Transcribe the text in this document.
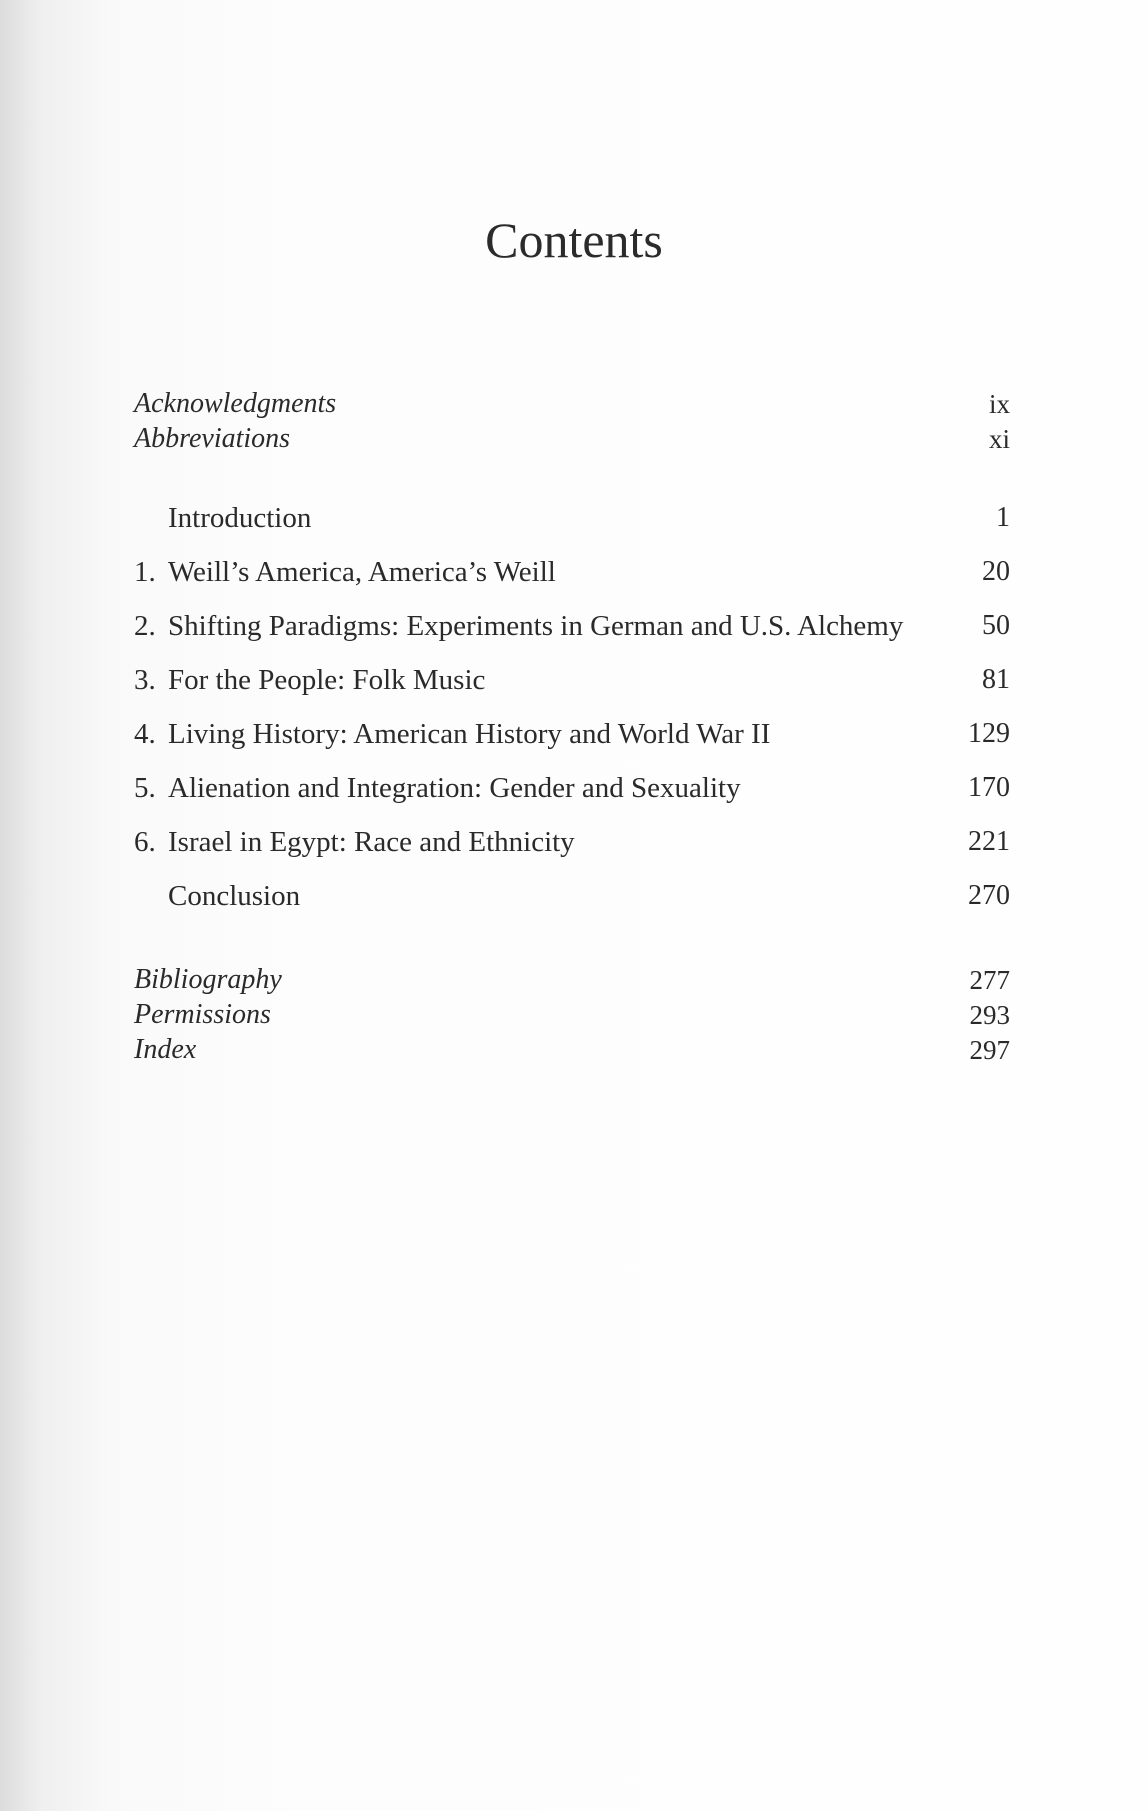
Contents
Acknowledgments	ix
Abbreviations	xi
Introduction	1
1. Weill’s America, America’s Weill	20
2. Shifting Paradigms: Experiments in German and U.S. Alchemy	50
3. For the People: Folk Music	81
4. Living History: American History and World War II	129
5. Alienation and Integration: Gender and Sexuality	170
6. Israel in Egypt: Race and Ethnicity	221
Conclusion	270
Bibliography	277
Permissions	293
Index	297
